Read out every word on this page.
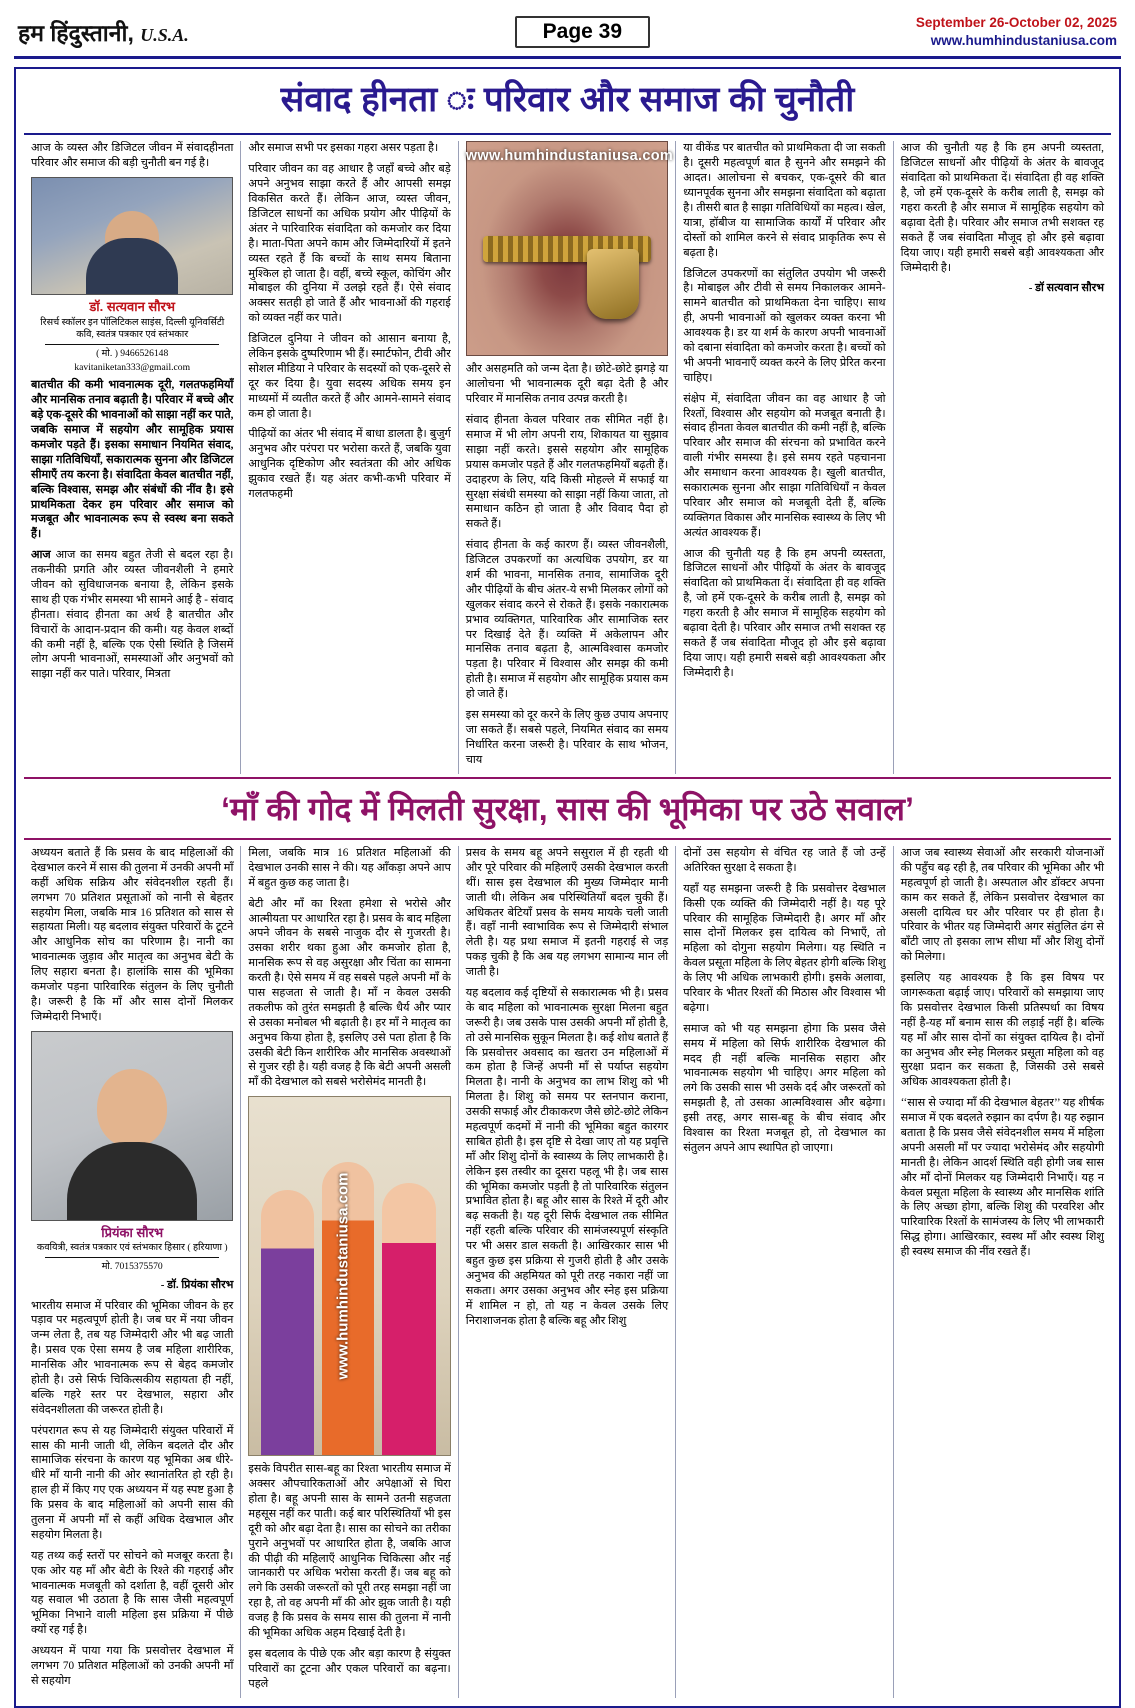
हम हिंदुस्तानी, U.S.A.	Page 39	September 26-October 02, 2025
www.humhindustaniusa.com
संवाद हीनता ः परिवार और समाज की चुनौती

आज के व्यस्त और डिजिटल जीवन में संवादहीनता परिवार और समाज की बड़ी चुनौती बन गई है।

डॉ. सत्यवान सौरभ
रिसर्च स्कॉलर इन पॉलिटिकल साइंस, दिल्ली यूनिवर्सिटी कवि, स्वतंत्र पत्रकार एवं स्तंभकार
( मो. ) 9466526148
kavitaniketan333@gmail.com

बातचीत की कमी भावनात्मक दूरी, गलतफहमियाँ और मानसिक तनाव बढ़ाती है। परिवार में बच्चे और बड़े एक-दूसरे की भावनाओं को साझा नहीं कर पाते, जबकि समाज में सहयोग और सामूहिक प्रयास कमजोर पड़ते हैं। इसका समाधान नियमित संवाद, साझा गतिविधियाँ, सकारात्मक सुनना और डिजिटल सीमाएँ तय करना है। संवादिता केवल बातचीत नहीं, बल्कि विश्वास, समझ और संबंधों की नींव है। इसे प्राथमिकता देकर हम परिवार और समाज को मजबूत और भावनात्मक रूप से स्वस्थ बना सकते हैं।

आज आज का समय बहुत तेजी से बदल रहा है। तकनीकी प्रगति और व्यस्त जीवनशैली ने हमारे जीवन को सुविधाजनक बनाया है, लेकिन इसके साथ ही एक गंभीर समस्या भी सामने आई है - संवाद हीनता। संवाद हीनता का अर्थ है बातचीत और विचारों के आदान-प्रदान की कमी। यह केवल शब्दों की कमी नहीं है, बल्कि एक ऐसी स्थिति है जिसमें लोग अपनी भावनाओं, समस्याओं और अनुभवों को साझा नहीं कर पाते। परिवार, मित्रता

और समाज सभी पर इसका गहरा असर पड़ता है।

परिवार जीवन का वह आधार है जहाँ बच्चे और बड़े अपने अनुभव साझा करते हैं और आपसी समझ विकसित करते हैं। लेकिन आज, व्यस्त जीवन, डिजिटल साधनों का अधिक प्रयोग और पीढ़ियों के अंतर ने पारिवारिक संवादिता को कमजोर कर दिया है। माता-पिता अपने काम और जिम्मेदारियों में इतने व्यस्त रहते हैं कि बच्चों के साथ समय बिताना मुश्किल हो जाता है। वहीं, बच्चे स्कूल, कोचिंग और मोबाइल की दुनिया में उलझे रहते हैं। ऐसे संवाद अक्सर सतही हो जाते हैं और भावनाओं की गहराई को व्यक्त नहीं कर पाते।

डिजिटल दुनिया ने जीवन को आसान बनाया है, लेकिन इसके दुष्परिणाम भी हैं। स्मार्टफोन, टीवी और सोशल मीडिया ने परिवार के सदस्यों को एक-दूसरे से दूर कर दिया है। युवा सदस्य अधिक समय इन माध्यमों में व्यतीत करते हैं और आमने-सामने संवाद कम हो जाता है।

पीढ़ियों का अंतर भी संवाद में बाधा डालता है। बुजुर्ग अनुभव और परंपरा पर भरोसा करते हैं, जबकि युवा आधुनिक दृष्टिकोण और स्वतंत्रता की ओर अधिक झुकाव रखते हैं। यह अंतर कभी-कभी परिवार में गलतफहमी

www.humhindustaniusa.com

और असहमति को जन्म देता है। छोटे-छोटे झगड़े या आलोचना भी भावनात्मक दूरी बढ़ा देती है और परिवार में मानसिक तनाव उत्पन्न करती है।

संवाद हीनता केवल परिवार तक सीमित नहीं है। समाज में भी लोग अपनी राय, शिकायत या सुझाव साझा नहीं करते। इससे सहयोग और सामूहिक प्रयास कमजोर पड़ते हैं और गलतफहमियाँ बढ़ती हैं। उदाहरण के लिए, यदि किसी मोहल्ले में सफाई या सुरक्षा संबंधी समस्या को साझा नहीं किया जाता, तो समाधान कठिन हो जाता है और विवाद पैदा हो सकते हैं।

संवाद हीनता के कई कारण हैं। व्यस्त जीवनशैली, डिजिटल उपकरणों का अत्यधिक उपयोग, डर या शर्म की भावना, मानसिक तनाव, सामाजिक दूरी और पीढ़ियों के बीच अंतर-ये सभी मिलकर लोगों को खुलकर संवाद करने से रोकते हैं। इसके नकारात्मक प्रभाव व्यक्तिगत, पारिवारिक और सामाजिक स्तर पर दिखाई देते हैं। व्यक्ति में अकेलापन और मानसिक तनाव बढ़ता है, आत्मविश्वास कमजोर पड़ता है। परिवार में विश्वास और समझ की कमी होती है। समाज में सहयोग और सामूहिक प्रयास कम हो जाते हैं।

इस समस्या को दूर करने के लिए कुछ उपाय अपनाए जा सकते हैं। सबसे पहले, नियमित संवाद का समय निर्धारित करना जरूरी है। परिवार के साथ भोजन, चाय

या वीकेंड पर बातचीत को प्राथमिकता दी जा सकती है। दूसरी महत्वपूर्ण बात है सुनने और समझने की आदत। आलोचना से बचकर, एक-दूसरे की बात ध्यानपूर्वक सुनना और समझना संवादिता को बढ़ाता है। तीसरी बात है साझा गतिविधियों का महत्व। खेल, यात्रा, हॉबीज या सामाजिक कार्यों में परिवार और दोस्तों को शामिल करने से संवाद प्राकृतिक रूप से बढ़ता है।

डिजिटल उपकरणों का संतुलित उपयोग भी जरूरी है। मोबाइल और टीवी से समय निकालकर आमने-सामने बातचीत को प्राथमिकता देना चाहिए। साथ ही, अपनी भावनाओं को खुलकर व्यक्त करना भी आवश्यक है। डर या शर्म के कारण अपनी भावनाओं को दबाना संवादिता को कमजोर करता है। बच्चों को भी अपनी भावनाएँ व्यक्त करने के लिए प्रेरित करना चाहिए।

संक्षेप में, संवादिता जीवन का वह आधार है जो रिश्तों, विश्वास और सहयोग को मजबूत बनाती है। संवाद हीनता केवल बातचीत की कमी नहीं है, बल्कि परिवार और समाज की संरचना को प्रभावित करने वाली गंभीर समस्या है। इसे समय रहते पहचानना और समाधान करना आवश्यक है। खुली बातचीत, सकारात्मक सुनना और साझा गतिविधियाँ न केवल परिवार और समाज को मजबूती देती हैं, बल्कि व्यक्तिगत विकास और मानसिक स्वास्थ्य के लिए भी अत्यंत आवश्यक हैं।

आज की चुनौती यह है कि हम अपनी व्यस्तता, डिजिटल साधनों और पीढ़ियों के अंतर के बावजूद संवादिता को प्राथमिकता दें। संवादिता ही वह शक्ति है, जो हमें एक-दूसरे के करीब लाती है, समझ को गहरा करती है और समाज में सामूहिक सहयोग को बढ़ावा देती है। परिवार और समाज तभी सशक्त रह सकते हैं जब संवादिता मौजूद हो और इसे बढ़ावा दिया जाए। यही हमारी सबसे बड़ी आवश्यकता और जिम्मेदारी है।

आज की चुनौती यह है कि हम अपनी व्यस्तता, डिजिटल साधनों और पीढ़ियों के अंतर के बावजूद संवादिता को प्राथमिकता दें। संवादिता ही वह शक्ति है, जो हमें एक-दूसरे के करीब लाती है, समझ को गहरा करती है और समाज में सामूहिक सहयोग को बढ़ावा देती है। परिवार और समाज तभी सशक्त रह सकते हैं जब संवादिता मौजूद हो और इसे बढ़ावा दिया जाए। यही हमारी सबसे बड़ी आवश्यकता और जिम्मेदारी है।

- डॉ सत्यवान सौरभ

‘माँ की गोद में मिलती सुरक्षा, सास की भूमिका पर उठे सवाल’

अध्ययन बताते हैं कि प्रसव के बाद महिलाओं की देखभाल करने में सास की तुलना में उनकी अपनी माँ कहीं अधिक सक्रिय और संवेदनशील रहती हैं। लगभग 70 प्रतिशत प्रसूताओं को नानी से बेहतर सहयोग मिला, जबकि मात्र 16 प्रतिशत को सास से सहायता मिली। यह बदलाव संयुक्त परिवारों के टूटने और आधुनिक सोच का परिणाम है। नानी का भावनात्मक जुड़ाव और मातृत्व का अनुभव बेटी के लिए सहारा बनता है। हालांकि सास की भूमिका कमजोर पड़ना पारिवारिक संतुलन के लिए चुनौती है। जरूरी है कि माँ और सास दोनों मिलकर जिम्मेदारी निभाएँ।

प्रियंका सौरभ
कवयित्री, स्वतंत्र पत्रकार एवं स्तंभकार हिसार ( हरियाणा )
मो. 7015375570

- डॉ. प्रियंका सौरभ

भारतीय समाज में परिवार की भूमिका जीवन के हर पड़ाव पर महत्वपूर्ण होती है। जब घर में नया जीवन जन्म लेता है, तब यह जिम्मेदारी और भी बढ़ जाती है। प्रसव एक ऐसा समय है जब महिला शारीरिक, मानसिक और भावनात्मक रूप से बेहद कमजोर होती है। उसे सिर्फ चिकित्सकीय सहायता ही नहीं, बल्कि गहरे स्तर पर देखभाल, सहारा और संवेदनशीलता की जरूरत होती है।

परंपरागत रूप से यह जिम्मेदारी संयुक्त परिवारों में सास की मानी जाती थी, लेकिन बदलते दौर और सामाजिक संरचना के कारण यह भूमिका अब धीरे-धीरे माँ यानी नानी की ओर स्थानांतरित हो रही है। हाल ही में किए गए एक अध्ययन में यह स्पष्ट हुआ है कि प्रसव के बाद महिलाओं को अपनी सास की तुलना में अपनी माँ से कहीं अधिक देखभाल और सहयोग मिलता है।

यह तथ्य कई स्तरों पर सोचने को मजबूर करता है। एक ओर यह माँ और बेटी के रिश्ते की गहराई और भावनात्मक मजबूती को दर्शाता है, वहीं दूसरी ओर यह सवाल भी उठाता है कि सास जैसी महत्वपूर्ण भूमिका निभाने वाली महिला इस प्रक्रिया में पीछे क्यों रह गई है।

अध्ययन में पाया गया कि प्रसवोत्तर देखभाल में लगभग 70 प्रतिशत महिलाओं को उनकी अपनी माँ से सहयोग

मिला, जबकि मात्र 16 प्रतिशत महिलाओं की देखभाल उनकी सास ने की। यह आँकड़ा अपने आप में बहुत कुछ कह जाता है।

बेटी और माँ का रिश्ता हमेशा से भरोसे और आत्मीयता पर आधारित रहा है। प्रसव के बाद महिला अपने जीवन के सबसे नाजुक दौर से गुजरती है। उसका शरीर थका हुआ और कमजोर होता है, मानसिक रूप से वह असुरक्षा और चिंता का सामना करती है। ऐसे समय में वह सबसे पहले अपनी माँ के पास सहजता से जाती है। माँ न केवल उसकी तकलीफ को तुरंत समझती है बल्कि धैर्य और प्यार से उसका मनोबल भी बढ़ाती है। हर माँ ने मातृत्व का अनुभव किया होता है, इसलिए उसे पता होता है कि उसकी बेटी किन शारीरिक और मानसिक अवस्थाओं से गुजर रही है। यही वजह है कि बेटी अपनी असली माँ की देखभाल को सबसे भरोसेमंद मानती है।

www.humhindustaniusa.com

इसके विपरीत सास-बहू का रिश्ता भारतीय समाज में अक्सर औपचारिकताओं और अपेक्षाओं से घिरा होता है। बहू अपनी सास के सामने उतनी सहजता महसूस नहीं कर पाती। कई बार परिस्थितियाँ भी इस दूरी को और बढ़ा देता है। सास का सोचने का तरीका पुराने अनुभवों पर आधारित होता है, जबकि आज की पीढ़ी की महिलाएँ आधुनिक चिकित्सा और नई जानकारी पर अधिक भरोसा करती हैं। जब बहू को लगे कि उसकी जरूरतों को पूरी तरह समझा नहीं जा रहा है, तो वह अपनी माँ की ओर झुक जाती है। यही वजह है कि प्रसव के समय सास की तुलना में नानी की भूमिका अधिक अहम दिखाई देती है।

इस बदलाव के पीछे एक और बड़ा कारण है संयुक्त परिवारों का टूटना और एकल परिवारों का बढ़ना। पहले

प्रसव के समय बहू अपने ससुराल में ही रहती थी और पूरे परिवार की महिलाएँ उसकी देखभाल करती थीं। सास इस देखभाल की मुख्य जिम्मेदार मानी जाती थी। लेकिन अब परिस्थितियाँ बदल चुकी हैं। अधिकतर बेटियाँ प्रसव के समय मायके चली जाती हैं। वहाँ नानी स्वाभाविक रूप से जिम्मेदारी संभाल लेती है। यह प्रथा समाज में इतनी गहराई से जड़ पकड़ चुकी है कि अब यह लगभग सामान्य मान ली जाती है।

यह बदलाव कई दृष्टियों से सकारात्मक भी है। प्रसव के बाद महिला को भावनात्मक सुरक्षा मिलना बहुत जरूरी है। जब उसके पास उसकी अपनी माँ होती है, तो उसे मानसिक सुकून मिलता है। कई शोध बताते हैं कि प्रसवोत्तर अवसाद का खतरा उन महिलाओं में कम होता है जिन्हें अपनी माँ से पर्याप्त सहयोग मिलता है। नानी के अनुभव का लाभ शिशु को भी मिलता है। शिशु को समय पर स्तनपान कराना, उसकी सफाई और टीकाकरण जैसे छोटे-छोटे लेकिन महत्वपूर्ण कदमों में नानी की भूमिका बहुत कारगर साबित होती है। इस दृष्टि से देखा जाए तो यह प्रवृत्ति माँ और शिशु दोनों के स्वास्थ्य के लिए लाभकारी है। लेकिन इस तस्वीर का दूसरा पहलू भी है। जब सास की भूमिका कमजोर पड़ती है तो पारिवारिक संतुलन प्रभावित होता है। बहू और सास के रिश्ते में दूरी और बढ़ सकती है। यह दूरी सिर्फ देखभाल तक सीमित नहीं रहती बल्कि परिवार की सामंजस्यपूर्ण संस्कृति पर भी असर डाल सकती है। आखिरकार सास भी बहुत कुछ इस प्रक्रिया से गुजरी होती है और उसके अनुभव की अहमियत को पूरी तरह नकारा नहीं जा सकता। अगर उसका अनुभव और स्नेह इस प्रक्रिया में शामिल न हो, तो यह न केवल उसके लिए निराशाजनक होता है बल्कि बहू और शिशु

दोनों उस सहयोग से वंचित रह जाते हैं जो उन्हें अतिरिक्त सुरक्षा दे सकता है।

यहाँ यह समझना जरूरी है कि प्रसवोत्तर देखभाल किसी एक व्यक्ति की जिम्मेदारी नहीं है। यह पूरे परिवार की सामूहिक जिम्मेदारी है। अगर माँ और सास दोनों मिलकर इस दायित्व को निभाएँ, तो महिला को दोगुना सहयोग मिलेगा। यह स्थिति न केवल प्रसूता महिला के लिए बेहतर होगी बल्कि शिशु के लिए भी अधिक लाभकारी होगी। इसके अलावा, परिवार के भीतर रिश्तों की मिठास और विश्वास भी बढ़ेगा।

समाज को भी यह समझना होगा कि प्रसव जैसे समय में महिला को सिर्फ शारीरिक देखभाल की मदद ही नहीं बल्कि मानसिक सहारा और भावनात्मक सहयोग भी चाहिए। अगर महिला को लगे कि उसकी सास भी उसके दर्द और जरूरतों को समझती है, तो उसका आत्मविश्वास और बढ़ेगा। इसी तरह, अगर सास-बहू के बीच संवाद और विश्वास का रिश्ता मजबूत हो, तो देखभाल का संतुलन अपने आप स्थापित हो जाएगा।

आज जब स्वास्थ्य सेवाओं और सरकारी योजनाओं की पहुँच बढ़ रही है, तब परिवार की भूमिका और भी महत्वपूर्ण हो जाती है। अस्पताल और डॉक्टर अपना काम कर सकते हैं, लेकिन प्रसवोत्तर देखभाल का असली दायित्व घर और परिवार पर ही होता है। परिवार के भीतर यह जिम्मेदारी अगर संतुलित ढंग से बाँटी जाए तो इसका लाभ सीधा माँ और शिशु दोनों को मिलेगा।

इसलिए यह आवश्यक है कि इस विषय पर जागरूकता बढ़ाई जाए। परिवारों को समझाया जाए कि प्रसवोत्तर देखभाल किसी प्रतिस्पर्धा का विषय नहीं है-यह माँ बनाम सास की लड़ाई नहीं है। बल्कि यह माँ और सास दोनों का संयुक्त दायित्व है। दोनों का अनुभव और स्नेह मिलकर प्रसूता महिला को वह सुरक्षा प्रदान कर सकता है, जिसकी उसे सबसे अधिक आवश्यकता होती है।

‘‘सास से ज्यादा माँ की देखभाल बेहतर’’ यह शीर्षक समाज में एक बदलते रुझान का दर्पण है। यह रुझान बताता है कि प्रसव जैसे संवेदनशील समय में महिला अपनी असली माँ पर ज्यादा भरोसेमंद और सहयोगी मानती है। लेकिन आदर्श स्थिति वही होगी जब सास और माँ दोनों मिलकर यह जिम्मेदारी निभाएँ। यह न केवल प्रसूता महिला के स्वास्थ्य और मानसिक शांति के लिए अच्छा होगा, बल्कि शिशु की परवरिश और पारिवारिक रिश्तों के सामंजस्य के लिए भी लाभकारी सिद्ध होगा। आखिरकार, स्वस्थ माँ और स्वस्थ शिशु ही स्वस्थ समाज की नींव रखते हैं।
